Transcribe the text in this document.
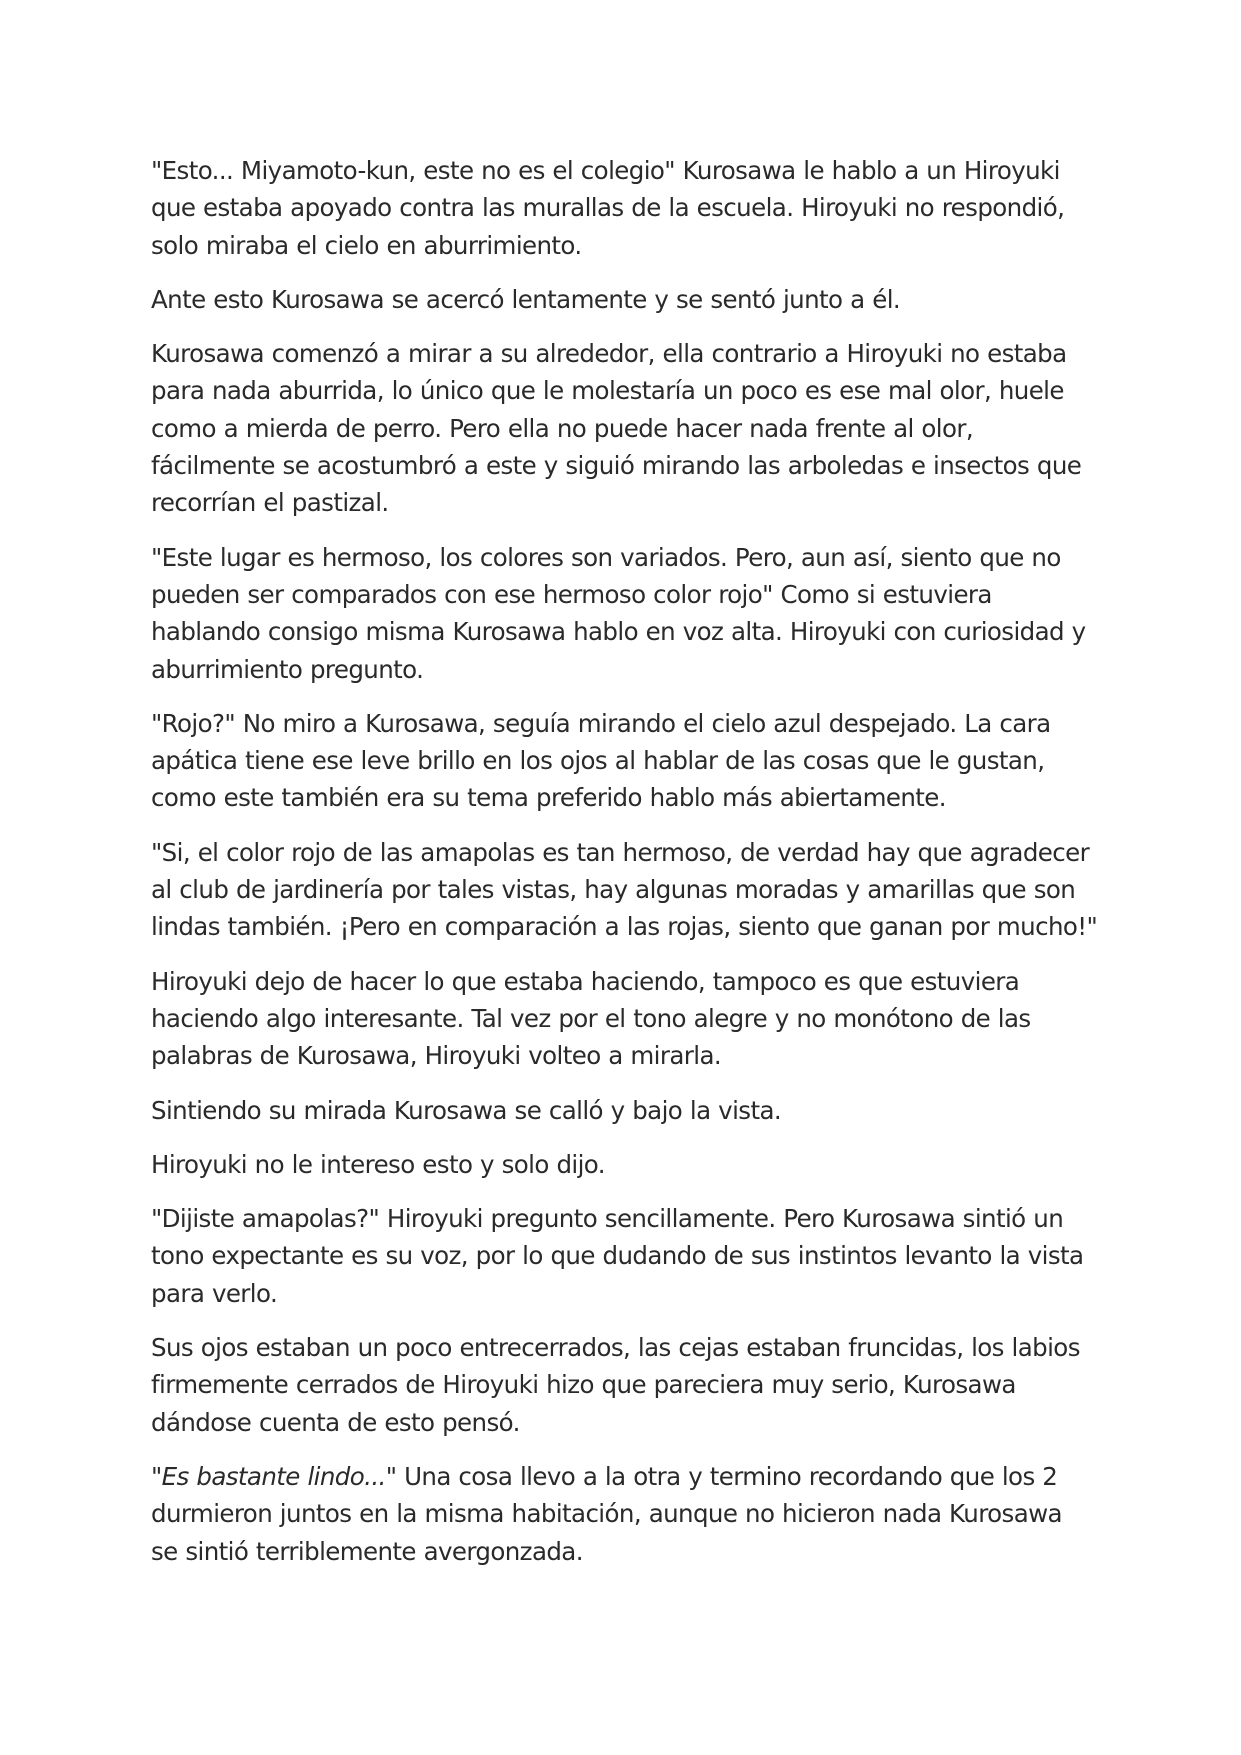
"Esto... Miyamoto-kun, este no es el colegio" Kurosawa le hablo a un Hiroyuki
que estaba apoyado contra las murallas de la escuela. Hiroyuki no respondió,
solo miraba el cielo en aburrimiento.

Ante esto Kurosawa se acercó lentamente y se sentó junto a él.

Kurosawa comenzó a mirar a su alrededor, ella contrario a Hiroyuki no estaba
para nada aburrida, lo único que le molestaría un poco es ese mal olor, huele
como a mierda de perro. Pero ella no puede hacer nada frente al olor,
fácilmente se acostumbró a este y siguió mirando las arboledas e insectos que
recorrían el pastizal.

"Este lugar es hermoso, los colores son variados. Pero, aun así, siento que no
pueden ser comparados con ese hermoso color rojo" Como si estuviera
hablando consigo misma Kurosawa hablo en voz alta. Hiroyuki con curiosidad y
aburrimiento pregunto.

"Rojo?" No miro a Kurosawa, seguía mirando el cielo azul despejado. La cara
apática tiene ese leve brillo en los ojos al hablar de las cosas que le gustan,
como este también era su tema preferido hablo más abiertamente.

"Si, el color rojo de las amapolas es tan hermoso, de verdad hay que agradecer
al club de jardinería por tales vistas, hay algunas moradas y amarillas que son
lindas también. ¡Pero en comparación a las rojas, siento que ganan por mucho!"

Hiroyuki dejo de hacer lo que estaba haciendo, tampoco es que estuviera
haciendo algo interesante. Tal vez por el tono alegre y no monótono de las
palabras de Kurosawa, Hiroyuki volteo a mirarla.

Sintiendo su mirada Kurosawa se calló y bajo la vista.

Hiroyuki no le intereso esto y solo dijo.

"Dijiste amapolas?" Hiroyuki pregunto sencillamente. Pero Kurosawa sintió un
tono expectante es su voz, por lo que dudando de sus instintos levanto la vista
para verlo.

Sus ojos estaban un poco entrecerrados, las cejas estaban fruncidas, los labios
firmemente cerrados de Hiroyuki hizo que pareciera muy serio, Kurosawa
dándose cuenta de esto pensó.

"Es bastante lindo..." Una cosa llevo a la otra y termino recordando que los 2
durmieron juntos en la misma habitación, aunque no hicieron nada Kurosawa
se sintió terriblemente avergonzada.
